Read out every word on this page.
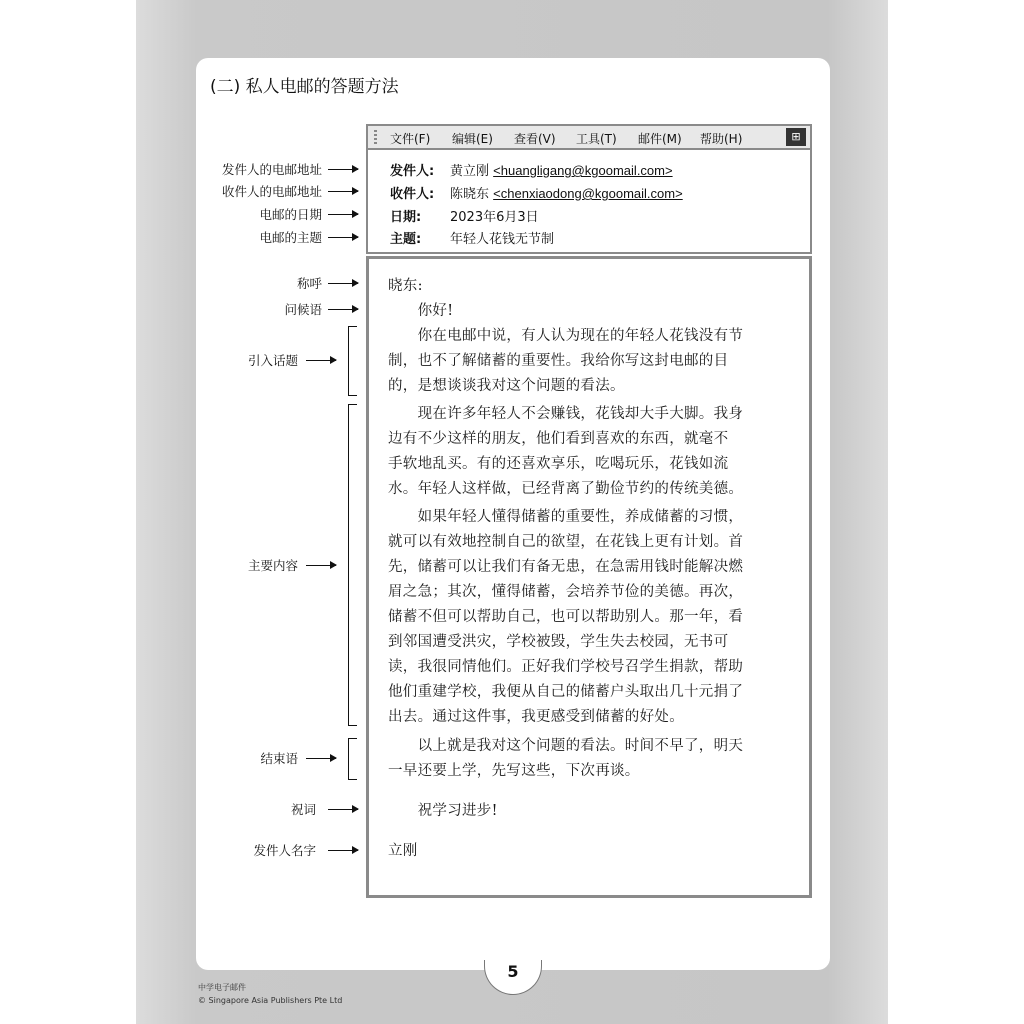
(二) 私人电邮的答题方法
文件(F) 编辑(E) 查看(V) 工具(T) 邮件(M) 帮助(H)	⊞
发件人: 黄立刚 <huangligang@kgoomail.com>
收件人: 陈晓东 <chenxiaodong@kgoomail.com>
日期: 2023年6月3日
主题: 年轻人花钱无节制
晓东:
　　你好!
　　你在电邮中说，有人认为现在的年轻人花钱没有节
制，也不了解储蓄的重要性。我给你写这封电邮的目
的，是想谈谈我对这个问题的看法。
　　现在许多年轻人不会赚钱，花钱却大手大脚。我身
边有不少这样的朋友，他们看到喜欢的东西，就毫不
手软地乱买。有的还喜欢享乐，吃喝玩乐，花钱如流
水。年轻人这样做，已经背离了勤俭节约的传统美德。
　　如果年轻人懂得储蓄的重要性，养成储蓄的习惯，
就可以有效地控制自己的欲望，在花钱上更有计划。首
先，储蓄可以让我们有备无患，在急需用钱时能解决燃
眉之急；其次，懂得储蓄，会培养节俭的美德。再次，
储蓄不但可以帮助自己，也可以帮助别人。那一年，看
到邻国遭受洪灾，学校被毁，学生失去校园，无书可
读，我很同情他们。正好我们学校号召学生捐款，帮助
他们重建学校，我便从自己的储蓄户头取出几十元捐了
出去。通过这件事，我更感受到储蓄的好处。
　　以上就是我对这个问题的看法。时间不早了，明天
一早还要上学，先写这些，下次再谈。
　　祝学习进步!
立刚
发件人的电邮地址
收件人的电邮地址
电邮的日期
电邮的主题
称呼
问候语
引入话题
主要内容
结束语
祝词
发件人名字
5
中学电子邮件
© Singapore Asia Publishers Pte Ltd
